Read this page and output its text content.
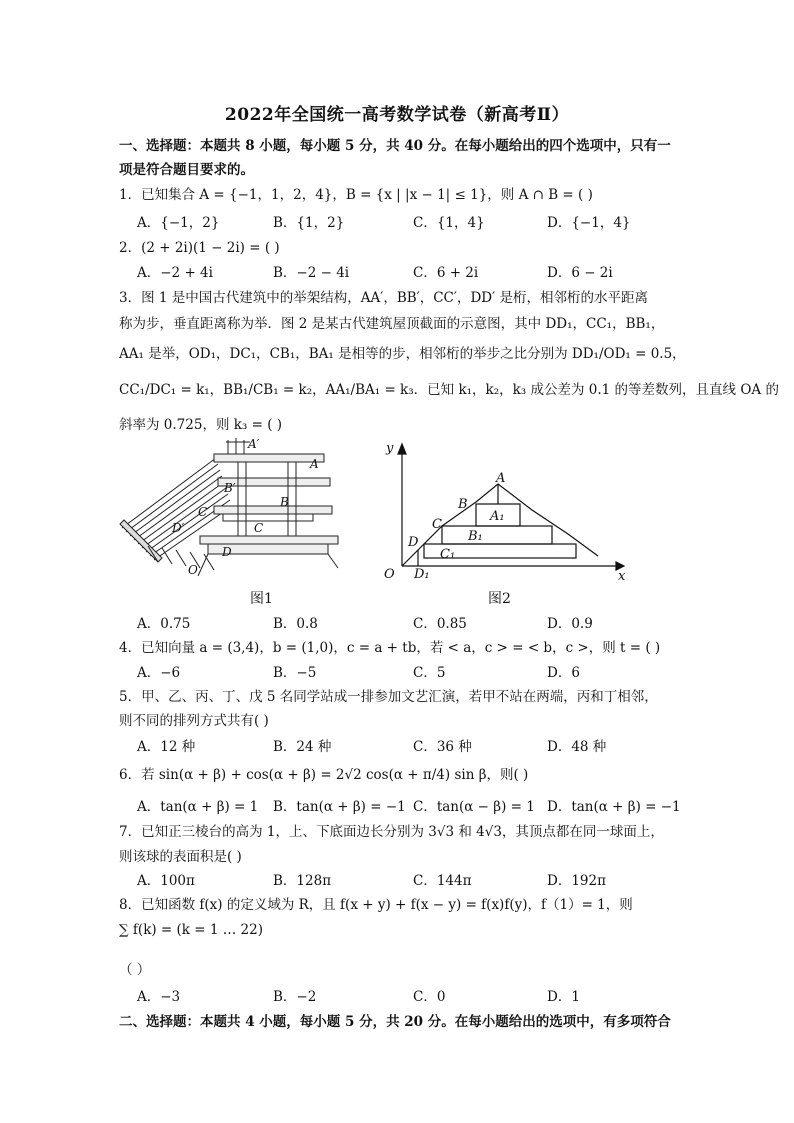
2022年全国统一高考数学试卷（新高考Ⅱ）
一、选择题：本题共 8 小题，每小题 5 分，共 40 分。在每小题给出的四个选项中，只有一
项是符合题目要求的。
1．已知集合 A = {−1，1，2，4}，B = {x | |x − 1| ≤ 1}，则 A ∩ B = ( )
A．{−1，2}	B．{1，2}	C．{1，4}	D．{−1，4}
2．(2 + 2i)(1 − 2i) = ( )
A．−2 + 4i	B．−2 − 4i	C．6 + 2i	D．6 − 2i
3．图 1 是中国古代建筑中的举架结构，AA′，BB′，CC′，DD′ 是桁，相邻桁的水平距离
称为步，垂直距离称为举．图 2 是某古代建筑屋顶截面的示意图，其中 DD₁，CC₁，BB₁，
AA₁ 是举，OD₁，DC₁，CB₁，BA₁ 是相等的步，相邻桁的举步之比分别为 DD₁/OD₁ = 0.5，
CC₁/DC₁ = k₁，BB₁/CB₁ = k₂，AA₁/BA₁ = k₃．已知 k₁，k₂，k₃ 成公差为 0.1 的等差数列，且直线 OA 的
斜率为 0.725，则 k₃ = ( )
A′
A
B′
B
C′
C
D′
D
O
图1
y
x
O
A
B
A₁
C
B₁
D
C₁
D₁
图2
A．0.75	B．0.8	C．0.85	D．0.9
4．已知向量 a = (3,4)，b = (1,0)，c = a + tb，若 < a，c > = < b，c >，则 t = ( )
A．−6	B．−5	C．5	D．6
5．甲、乙、丙、丁、戊 5 名同学站成一排参加文艺汇演，若甲不站在两端，丙和丁相邻，
则不同的排列方式共有( )
A．12 种	B．24 种	C．36 种	D．48 种
6．若 sin(α + β) + cos(α + β) = 2√2 cos(α + π/4) sin β，则( )
A．tan(α + β) = 1 B．tan(α + β) = −1 C．tan(α − β) = 1 D．tan(α + β) = −1
7．已知正三棱台的高为 1，上、下底面边长分别为 3√3 和 4√3，其顶点都在同一球面上，
则该球的表面积是( )
A．100π	B．128π	C．144π	D．192π
8．已知函数 f(x) 的定义域为 R，且 f(x + y) + f(x − y) = f(x)f(y)，f（1）= 1，则
∑ f(k) = (k = 1 … 22)
（ ）
A．−3	B．−2	C．0	D．1
二、选择题：本题共 4 小题，每小题 5 分，共 20 分。在每小题给出的选项中，有多项符合
